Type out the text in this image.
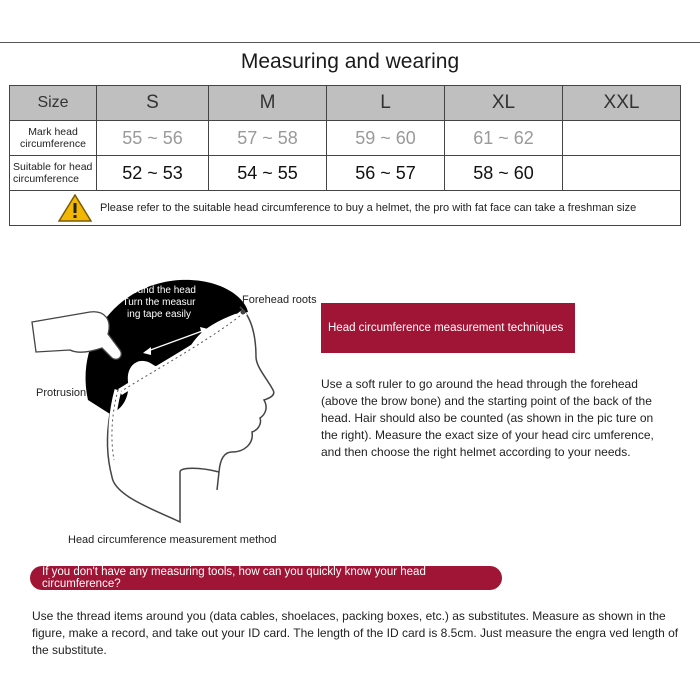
Measuring and wearing
Size	S	M	L	XL	XXL
Mark head circumference	55 ~ 56	57 ~ 58	59 ~ 60	61 ~ 62	
Suitable for head circumference	52 ~ 53	54 ~ 55	56 ~ 57	58 ~ 60	

Please refer to the suitable head circumference to buy a helmet, the pro with fat face can take a freshman size					
Around the head
Turn the measur
ing tape easily
Forehead roots
Protrusion
Head circumference measurement method
Head circumference measurement techniques
Use a soft ruler to go around the head through the forehead (above the brow bone) and the starting point of the back of the head. Hair should also be counted (as shown in the pic ture on the right). Measure the exact size of your head circ umference, and then choose the right helmet according to your needs.
If you don't have any measuring tools, how can you quickly know your head circumference?
Use the thread items around you (data cables, shoelaces, packing boxes, etc.) as substitutes. Measure as shown in the figure, make a record, and take out your ID card. The length of the ID card is 8.5cm. Just measure the engra ved length of the substitute.
